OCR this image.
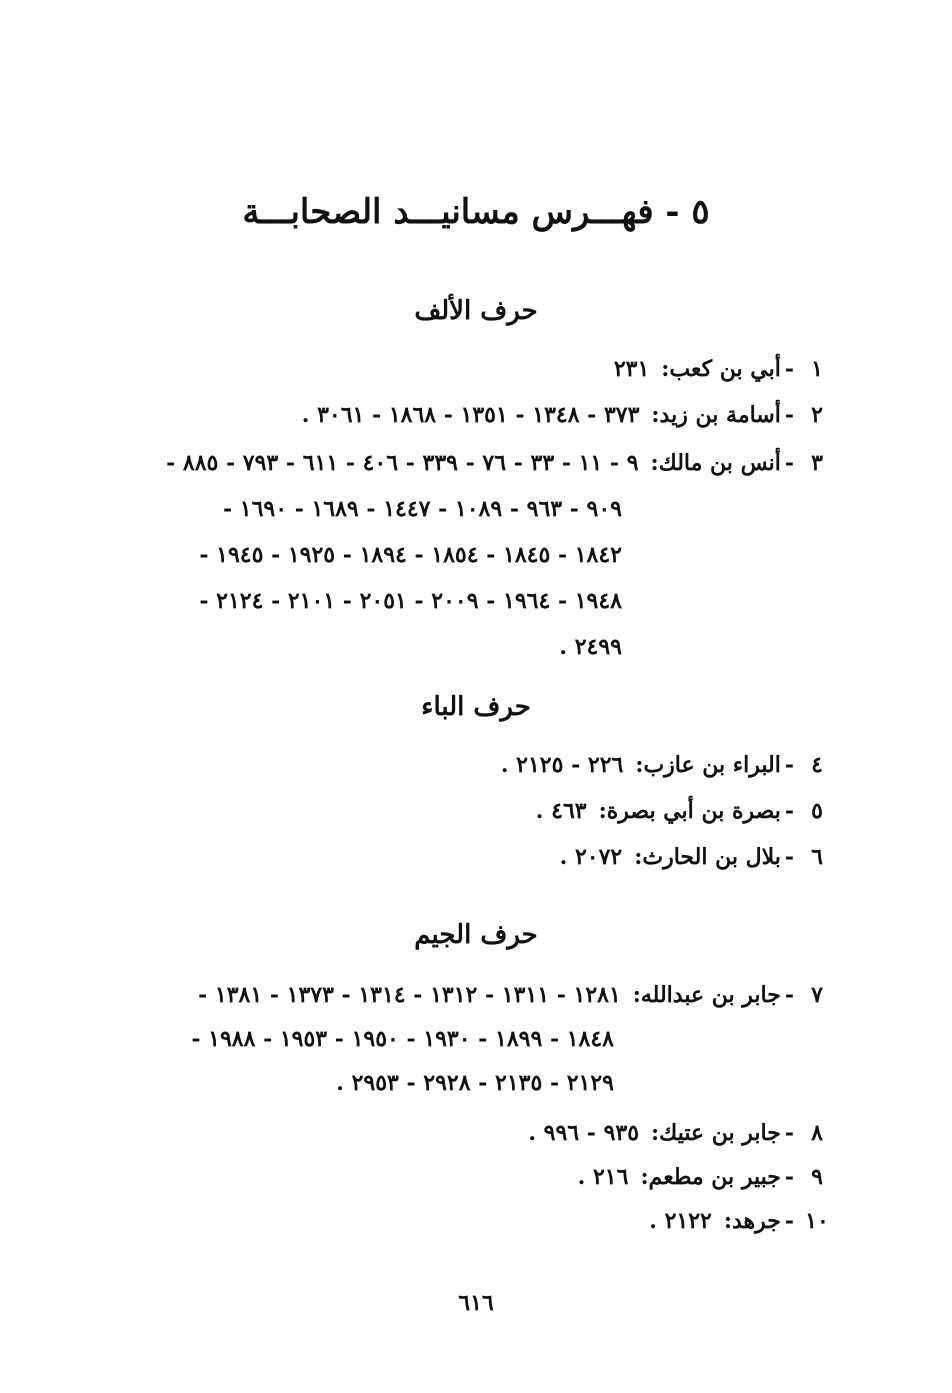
٥ - فهـــرس مسانيـــد الصحابـــة
حرف الألف
١-أبي بن كعب:٢٣١
٢-أسامة بن زيد:٣٧٣ - ١٣٤٨ - ١٣٥١ - ١٨٦٨ - ٣٠٦١ .
٣-أنس بن مالك:٩ - ١١ - ٣٣ - ٧٦ - ٣٣٩ - ٤٠٦ - ٦١١ - ٧٩٣ - ٨٨٥ -
٩٠٩ - ٩٦٣ - ١٠٨٩ - ١٤٤٧ - ١٦٨٩ - ١٦٩٠ -
١٨٤٢ - ١٨٤٥ - ١٨٥٤ - ١٨٩٤ - ١٩٢٥ - ١٩٤٥ -
١٩٤٨ - ١٩٦٤ - ٢٠٠٩ - ٢٠٥١ - ٢١٠١ - ٢١٢٤ -
٢٤٩٩ .
حرف الباء
٤-البراء بن عازب:٢٢٦ - ٢١٢٥ .
٥-بصرة بن أبي بصرة:٤٦٣ .
٦-بلال بن الحارث:٢٠٧٢ .
حرف الجيم
٧-جابر بن عبدالله:١٢٨١ - ١٣١١ - ١٣١٢ - ١٣١٤ - ١٣٧٣ - ١٣٨١ -
١٨٤٨ - ١٨٩٩ - ١٩٣٠ - ١٩٥٠ - ١٩٥٣ - ١٩٨٨ -
٢١٢٩ - ٢١٣٥ - ٢٩٢٨ - ٢٩٥٣ .
٨-جابر بن عتيك:٩٣٥ - ٩٩٦ .
٩-جبير بن مطعم:٢١٦ .
١٠-جرهد:٢١٢٢ .
٦١٦
